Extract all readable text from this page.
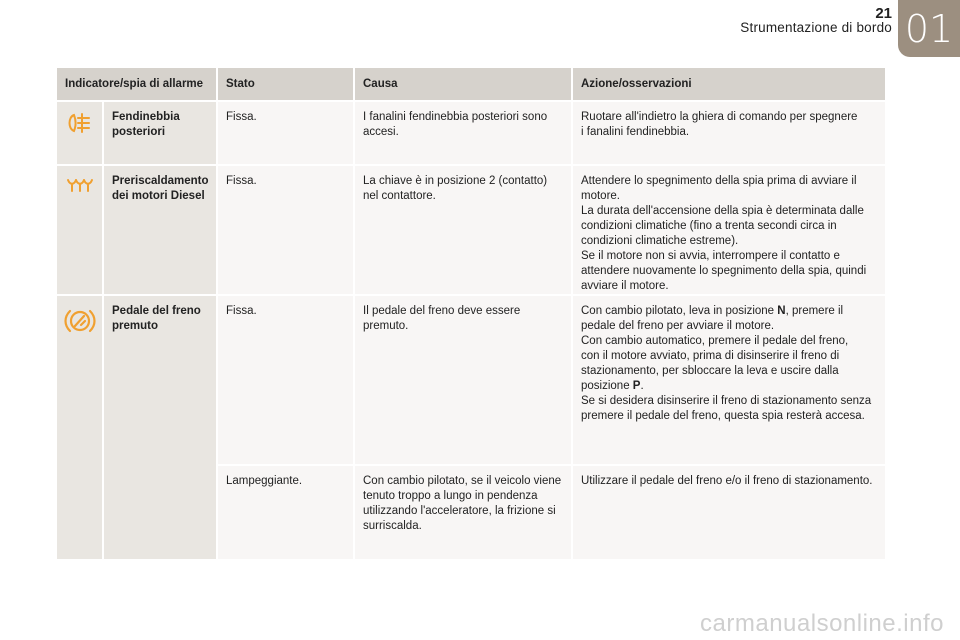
21
Strumentazione di bordo 01
Indicatore/spia di allarme		Stato	Causa	Azione/osservazioni

	Fendinebbia posteriori	Fissa.	I fanalini fendinebbia posteriori sono accesi.	Ruotare all'indietro la ghiera di comando per spegnere
i fanalini fendinebbia.

	Preriscaldamento dei motori Diesel	Fissa.	La chiave è in posizione 2 (contatto) nel contattore.	Attendere lo spegnimento della spia prima di avviare il motore.
La durata dell'accensione della spia è determinata dalle condizioni climatiche (fino a trenta secondi circa in condizioni climatiche estreme).
Se il motore non si avvia, interrompere il contatto e attendere nuovamente lo spegnimento della spia, quindi avviare il motore.

	Pedale del freno premuto	Fissa.	Il pedale del freno deve essere premuto.	Con cambio pilotato, leva in posizione N, premere il pedale del freno per avviare il motore.
Con cambio automatico, premere il pedale del freno,
con il motore avviato, prima di disinserire il freno di stazionamento, per sbloccare la leva e uscire dalla posizione P.
Se si desidera disinserire il freno di stazionamento senza premere il pedale del freno, questa spia resterà accesa.
		Lampeggiante.	Con cambio pilotato, se il veicolo viene tenuto troppo a lungo in pendenza utilizzando l'acceleratore, la frizione si surriscalda.	Utilizzare il pedale del freno e/o il freno di stazionamento.
carmanualsonline.info
